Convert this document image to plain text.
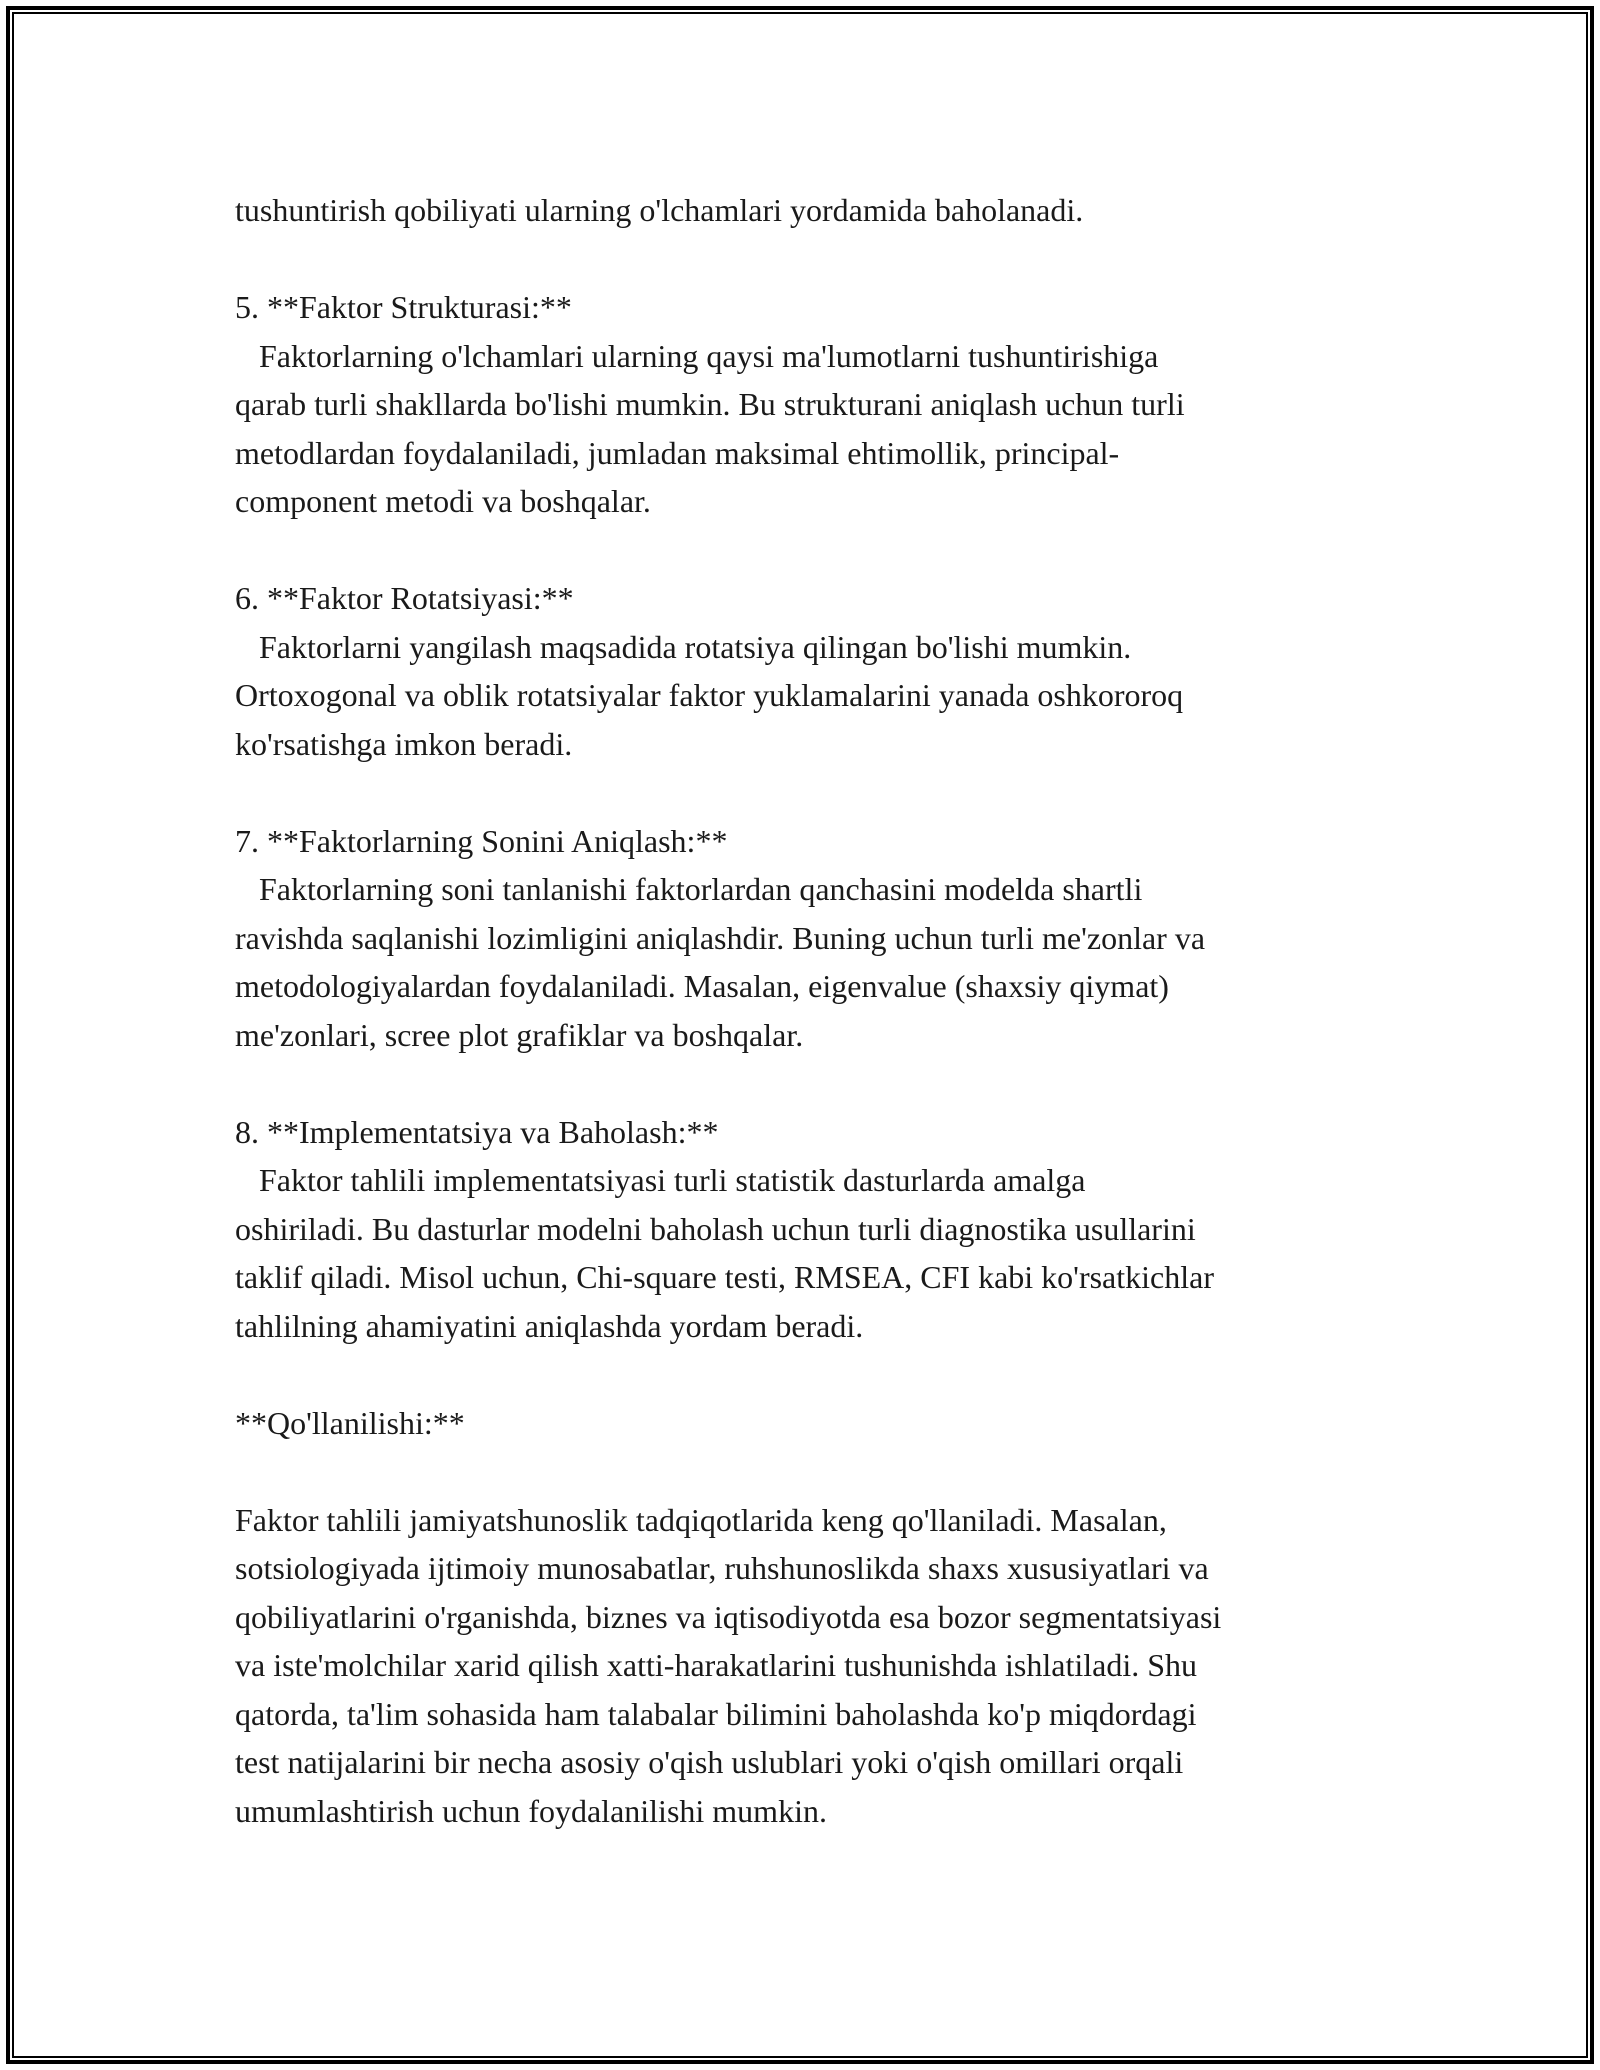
tushuntirish qobiliyati ularning o'lchamlari yordamida baholanadi.
5. **Faktor Strukturasi:**
Faktorlarning o'lchamlari ularning qaysi ma'lumotlarni tushuntirishiga
qarab turli shakllarda bo'lishi mumkin. Bu strukturani aniqlash uchun turli
metodlardan foydalaniladi, jumladan maksimal ehtimollik, principal-
component metodi va boshqalar.
6. **Faktor Rotatsiyasi:**
Faktorlarni yangilash maqsadida rotatsiya qilingan bo'lishi mumkin.
Ortoxogonal va oblik rotatsiyalar faktor yuklamalarini yanada oshkororoq
ko'rsatishga imkon beradi.
7. **Faktorlarning Sonini Aniqlash:**
Faktorlarning soni tanlanishi faktorlardan qanchasini modelda shartli
ravishda saqlanishi lozimligini aniqlashdir. Buning uchun turli me'zonlar va
metodologiyalardan foydalaniladi. Masalan, eigenvalue (shaxsiy qiymat)
me'zonlari, scree plot grafiklar va boshqalar.
8. **Implementatsiya va Baholash:**
Faktor tahlili implementatsiyasi turli statistik dasturlarda amalga
oshiriladi. Bu dasturlar modelni baholash uchun turli diagnostika usullarini
taklif qiladi. Misol uchun, Chi-square testi, RMSEA, CFI kabi ko'rsatkichlar
tahlilning ahamiyatini aniqlashda yordam beradi.
**Qo'llanilishi:**
Faktor tahlili jamiyatshunoslik tadqiqotlarida keng qo'llaniladi. Masalan,
sotsiologiyada ijtimoiy munosabatlar, ruhshunoslikda shaxs xususiyatlari va
qobiliyatlarini o'rganishda, biznes va iqtisodiyotda esa bozor segmentatsiyasi
va iste'molchilar xarid qilish xatti-harakatlarini tushunishda ishlatiladi. Shu
qatorda, ta'lim sohasida ham talabalar bilimini baholashda ko'p miqdordagi
test natijalarini bir necha asosiy o'qish uslublari yoki o'qish omillari orqali
umumlashtirish uchun foydalanilishi mumkin.
